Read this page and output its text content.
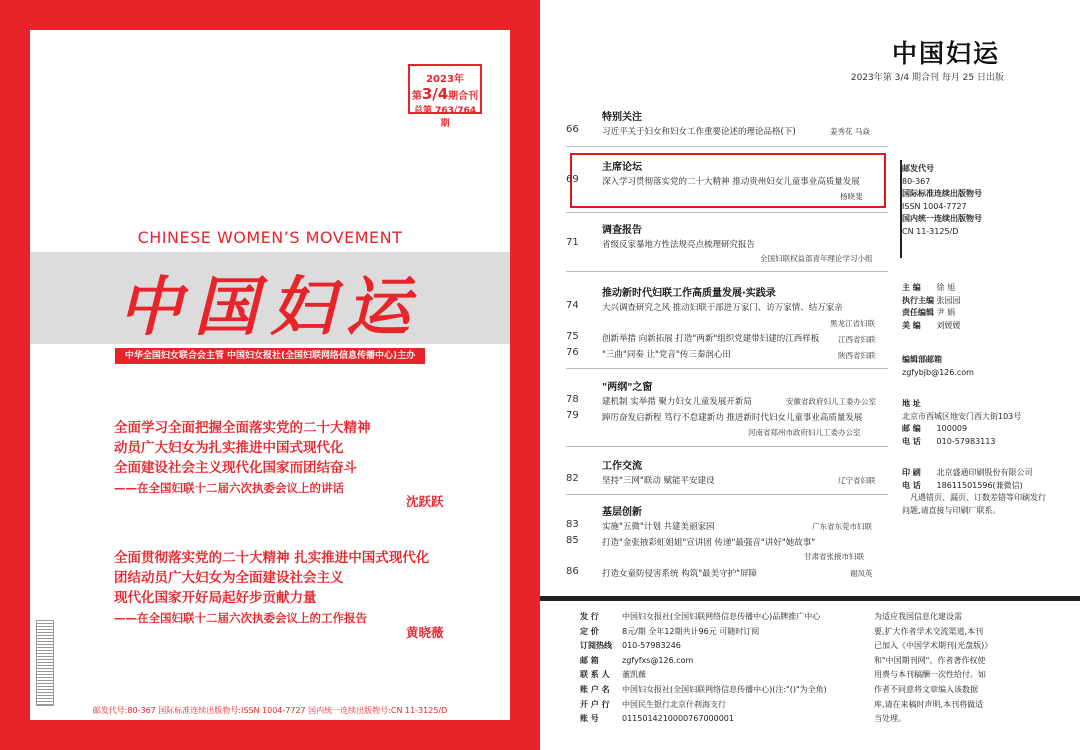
2023年
第3/4期合刊
总第 763/764期
CHINESE WOMEN’S MOVEMENT
中国妇运
中华全国妇女联合会主管 中国妇女报社(全国妇联网络信息传播中心)主办
全面学习全面把握全面落实党的二十大精神
动员广大妇女为扎实推进中国式现代化
全面建设社会主义现代化国家而团结奋斗
——在全国妇联十二届六次执委会议上的讲话
沈跃跃
全面贯彻落实党的二十大精神 扎实推进中国式现代化
团结动员广大妇女为全面建设社会主义
现代化国家开好局起好步贡献力量
——在全国妇联十二届六次执委会议上的工作报告
黄晓薇
邮发代号:80-367 国际标准连续出版物号:ISSN 1004-7727 国内统一连续出版物号:CN 11-3125/D
中国妇运
2023年第 3/4 期合刊 每月 25 日出版
特别关注
66	习近平关于妇女和妇女工作重要论述的理论品格(下)	姜秀花 马焱
主席论坛
69	深入学习贯彻落实党的二十大精神 推动贵州妇女儿童事业高质量发展
杨晓斐
调查报告
71	省级反家暴地方性法规亮点梳理研究报告
全国妇联权益部青年理论学习小组
推动新时代妇联工作高质量发展·实践录
74	大兴调查研究之风 推动妇联干部进万家门、访万家情、结万家亲
黑龙江省妇联
75	创新举措 向新拓展 打造"两新"组织党建带妇建的江西样板	江西省妇联
76	"三曲"同奏 让"党音"传三秦润心田	陕西省妇联
"两纲"之窗
78	建机制 实举措 聚力妇女儿童发展开新局	安徽省政府妇儿工委办公室
79	踔厉奋发启新程 笃行不怠建新功 推进新时代妇女儿童事业高质量发展
河南省郑州市政府妇儿工委办公室
工作交流
82	坚持"三网"联动 赋能平安建设	辽宁省妇联
基层创新
83	实施"五微"计划 共建美丽家园	广东省东莞市妇联
85	打造"金张掖彩虹姐姐"宣讲团 传递"最强音"讲好"她故事"
甘肃省张掖市妇联
86	打造女童防侵害系统 构筑"最美守护"屏障	谢凤英
邮发代号
80-367
国际标准连续出版物号
ISSN 1004-7727
国内统一连续出版物号
CN 11-3125/D
主 编 徐 旭
执行主编 张园园
责任编辑 尹 娟
美 编 刘媛媛
编辑部邮箱
zgfybjb@126.com
地 址
北京市西城区地安门西大街103号
邮 编 100009
电 话 010-57983113
印 刷 北京盛通印刷股份有限公司
电 话 18611501596(兼微信)
凡遇错页、漏页、订数差错等印刷发行
问题,请直接与印刷厂联系。
发 行	中国妇女报社(全国妇联网络信息传播中心)品牌推广中心
定 价	8元/期 全年12期共计96元 可随时订阅
订阅热线 010-57983246
邮 箱	zgfyfxs@126.com
联 系 人 董凯薇
账 户 名 中国妇女报社(全国妇联网络信息传播中心)(注:"()"为全角)
开 户 行 中国民生银行北京什刹海支行
账 号	0115014210000767000001
为适应我国信息化建设需
要,扩大作者学术交流渠道,本刊
已加入《中国学术期刊(光盘版)》
和"中国期刊网"。作者著作权使
用费与本刊稿酬一次性给付。如
作者不同意将文章编入该数据
库,请在来稿时声明,本刊将做适
当处理。
